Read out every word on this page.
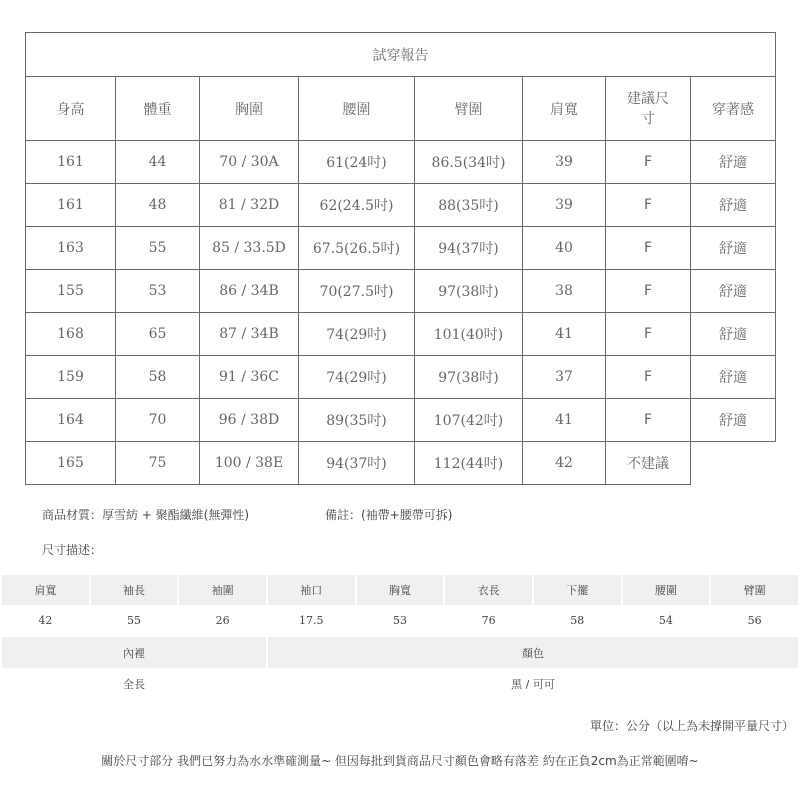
試穿報告							
身高	體重	胸圍	腰圍	臂圍	肩寬	建議尺寸	穿著感
161	44	70 / 30A	61(24吋)	86.5(34吋)	39	F	舒適
161	48	81 / 32D	62(24.5吋)	88(35吋)	39	F	舒適
163	55	85 / 33.5D	67.5(26.5吋)	94(37吋)	40	F	舒適
155	53	86 / 34B	70(27.5吋)	97(38吋)	38	F	舒適
168	65	87 / 34B	74(29吋)	101(40吋)	41	F	舒適
159	58	91 / 36C	74(29吋)	97(38吋)	37	F	舒適
164	70	96 / 38D	89(35吋)	107(42吋)	41	F	舒適
165	75	100 / 38E	94(37吋)	112(44吋)	42	不建議	
商品材質：厚雪紡 + 聚酯纖維(無彈性)	備註：(袖帶+腰帶可拆)
尺寸描述：
肩寬	袖長	袖圍	袖口	胸寬	衣長	下擺	腰圍	臂圍
42	55	26	17.5	53	76	58	54	56
內裡	顏色
全長	黑 / 可可
單位：公分（以上為未撐開平量尺寸）
關於尺寸部分 我們已努力為水水準確測量~ 但因每批到貨商品尺寸顏色會略有落差 約在正負2cm為正常範圍唷~
